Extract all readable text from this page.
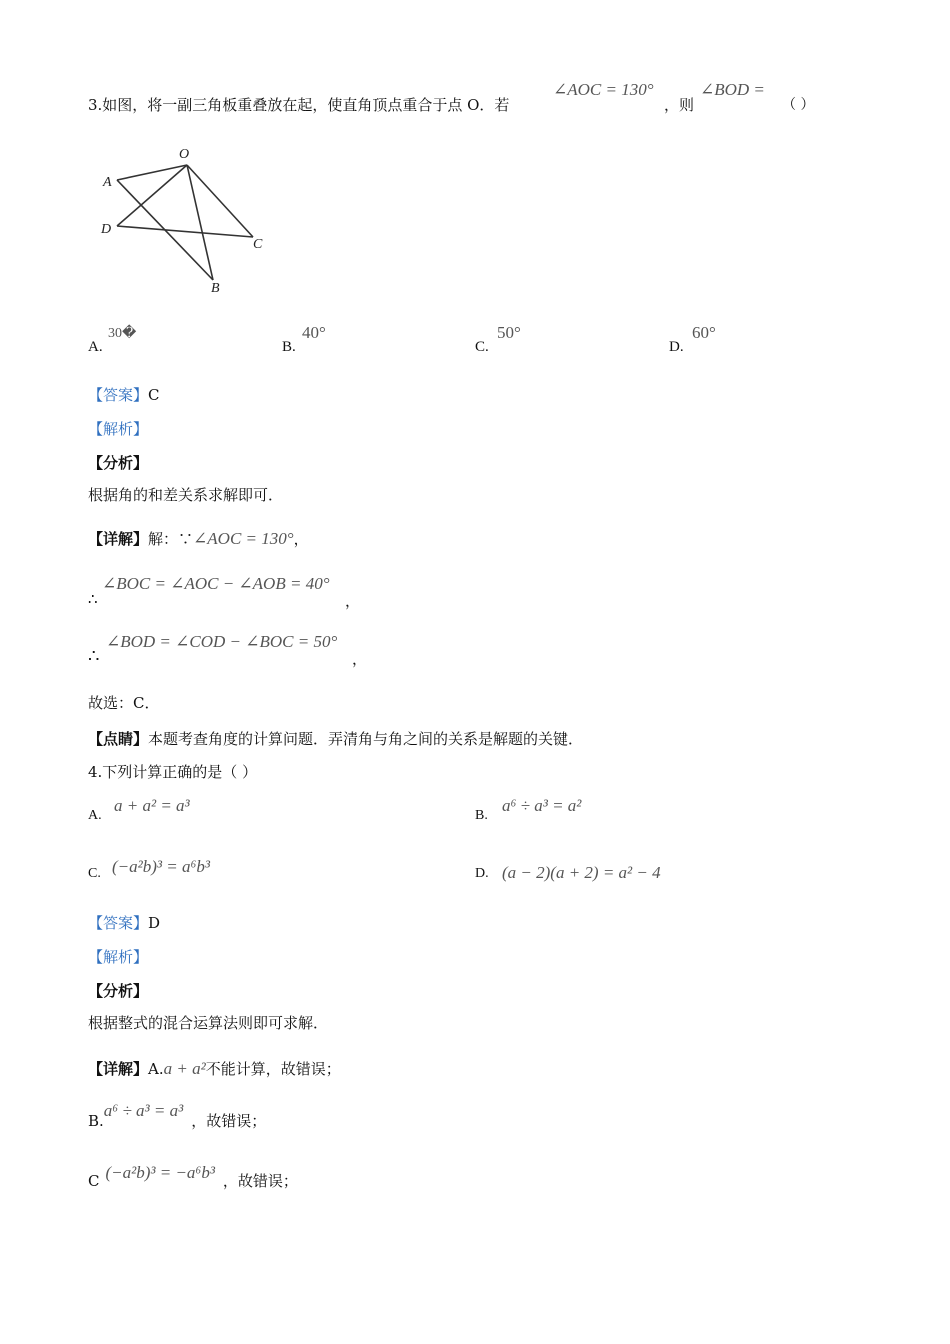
3.如图，将一副三角板重叠放在起，使直角顶点重合于点 O．若
∠AOC = 130°
，则
∠BOD =
（ ）
O
A
D
C
B
A.
30�
B.
40°
C.
50°
D.
60°
【答案】C
【解析】
【分析】
根据角的和差关系求解即可．
【详解】解：∵∠AOC = 130°，
∴
∠BOC = ∠AOC − ∠AOB = 40°
，
∴
∠BOD = ∠COD − ∠BOC = 50°
，
故选：C．
【点睛】本题考查角度的计算问题．弄清角与角之间的关系是解题的关键．
4.下列计算正确的是（ ）
A.
a + a² = a³
B.
a⁶ ÷ a³ = a²
C. (−a²b)³ = a⁶b³	D. (a − 2)(a + 2) = a² − 4
【答案】D
【解析】
【分析】
根据整式的混合运算法则即可求解．
【详解】A.a + a²不能计算，故错误；
B.a⁶ ÷ a³ = a³，故错误；
C (−a²b)³ = −a⁶b³ ，故错误；
